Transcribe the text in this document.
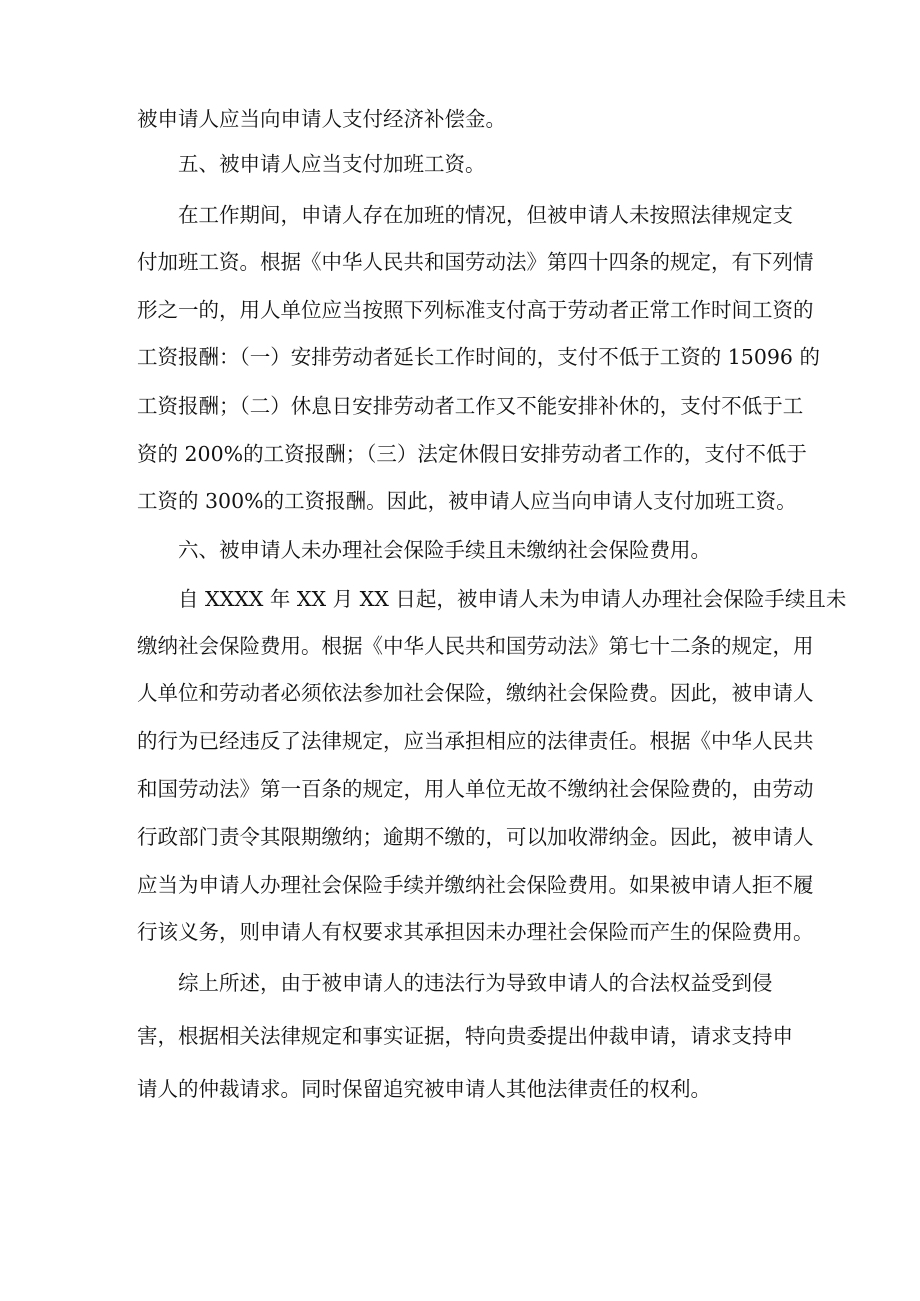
被申请人应当向申请人支付经济补偿金。
五、被申请人应当支付加班工资。
在工作期间，申请人存在加班的情况，但被申请人未按照法律规定支
付加班工资。根据《中华人民共和国劳动法》第四十四条的规定，有下列情
形之一的，用人单位应当按照下列标准支付高于劳动者正常工作时间工资的
工资报酬：（一）安排劳动者延长工作时间的，支付不低于工资的 15096 的
工资报酬；（二）休息日安排劳动者工作又不能安排补休的，支付不低于工
资的 200%的工资报酬；（三）法定休假日安排劳动者工作的，支付不低于
工资的 300%的工资报酬。因此，被申请人应当向申请人支付加班工资。
六、被申请人未办理社会保险手续且未缴纳社会保险费用。
自 XXXX 年 XX 月 XX 日起，被申请人未为申请人办理社会保险手续且未
缴纳社会保险费用。根据《中华人民共和国劳动法》第七十二条的规定，用
人单位和劳动者必须依法参加社会保险，缴纳社会保险费。因此，被申请人
的行为已经违反了法律规定，应当承担相应的法律责任。根据《中华人民共
和国劳动法》第一百条的规定，用人单位无故不缴纳社会保险费的，由劳动
行政部门责令其限期缴纳；逾期不缴的，可以加收滞纳金。因此，被申请人
应当为申请人办理社会保险手续并缴纳社会保险费用。如果被申请人拒不履
行该义务，则申请人有权要求其承担因未办理社会保险而产生的保险费用。
综上所述，由于被申请人的违法行为导致申请人的合法权益受到侵
害，根据相关法律规定和事实证据，特向贵委提出仲裁申请，请求支持申
请人的仲裁请求。同时保留追究被申请人其他法律责任的权利。
